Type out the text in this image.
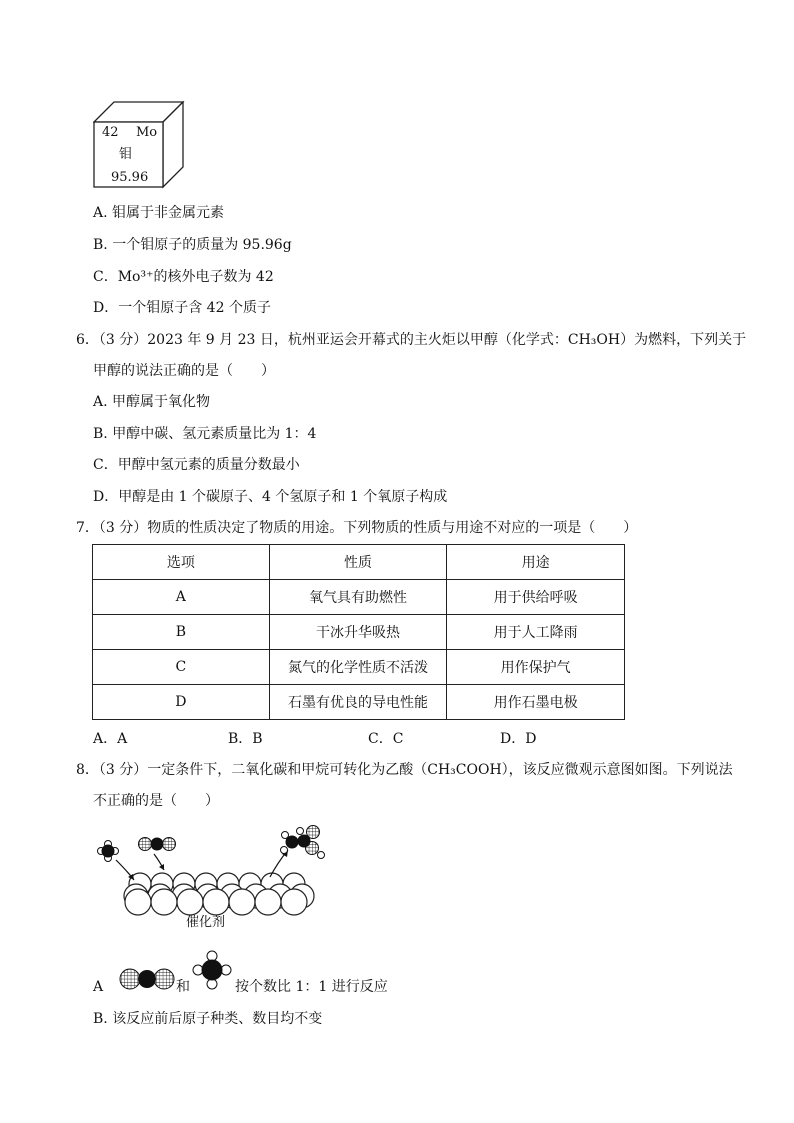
42 Mo
钼
95.96
A. 钼属于非金属元素
B. 一个钼原子的质量为 95.96g
C．Mo³⁺的核外电子数为 42
D．一个钼原子含 42 个质子
6．（3 分）2023 年 9 月 23 日，杭州亚运会开幕式的主火炬以甲醇（化学式：CH₃OH）为燃料，下列关于
甲醇的说法正确的是（　　）
A. 甲醇属于氧化物
B. 甲醇中碳、氢元素质量比为 1：4
C．甲醇中氢元素的质量分数最小
D．甲醇是由 1 个碳原子、4 个氢原子和 1 个氧原子构成
7．（3 分）物质的性质决定了物质的用途。下列物质的性质与用途不对应的一项是（　　）
选项	性质	用途
A	氧气具有助燃性	用于供给呼吸
B	干冰升华吸热	用于人工降雨
C	氮气的化学性质不活泼	用作保护气
D	石墨有优良的导电性能	用作石墨电极
A．A	B．B	C．C	D．D
8．（3 分）一定条件下，二氧化碳和甲烷可转化为乙酸（CH₃COOH），该反应微观示意图如图。下列说法
不正确的是（　　）
催化剂
A	和	按个数比 1：1 进行反应
B. 该反应前后原子种类、数目均不变
